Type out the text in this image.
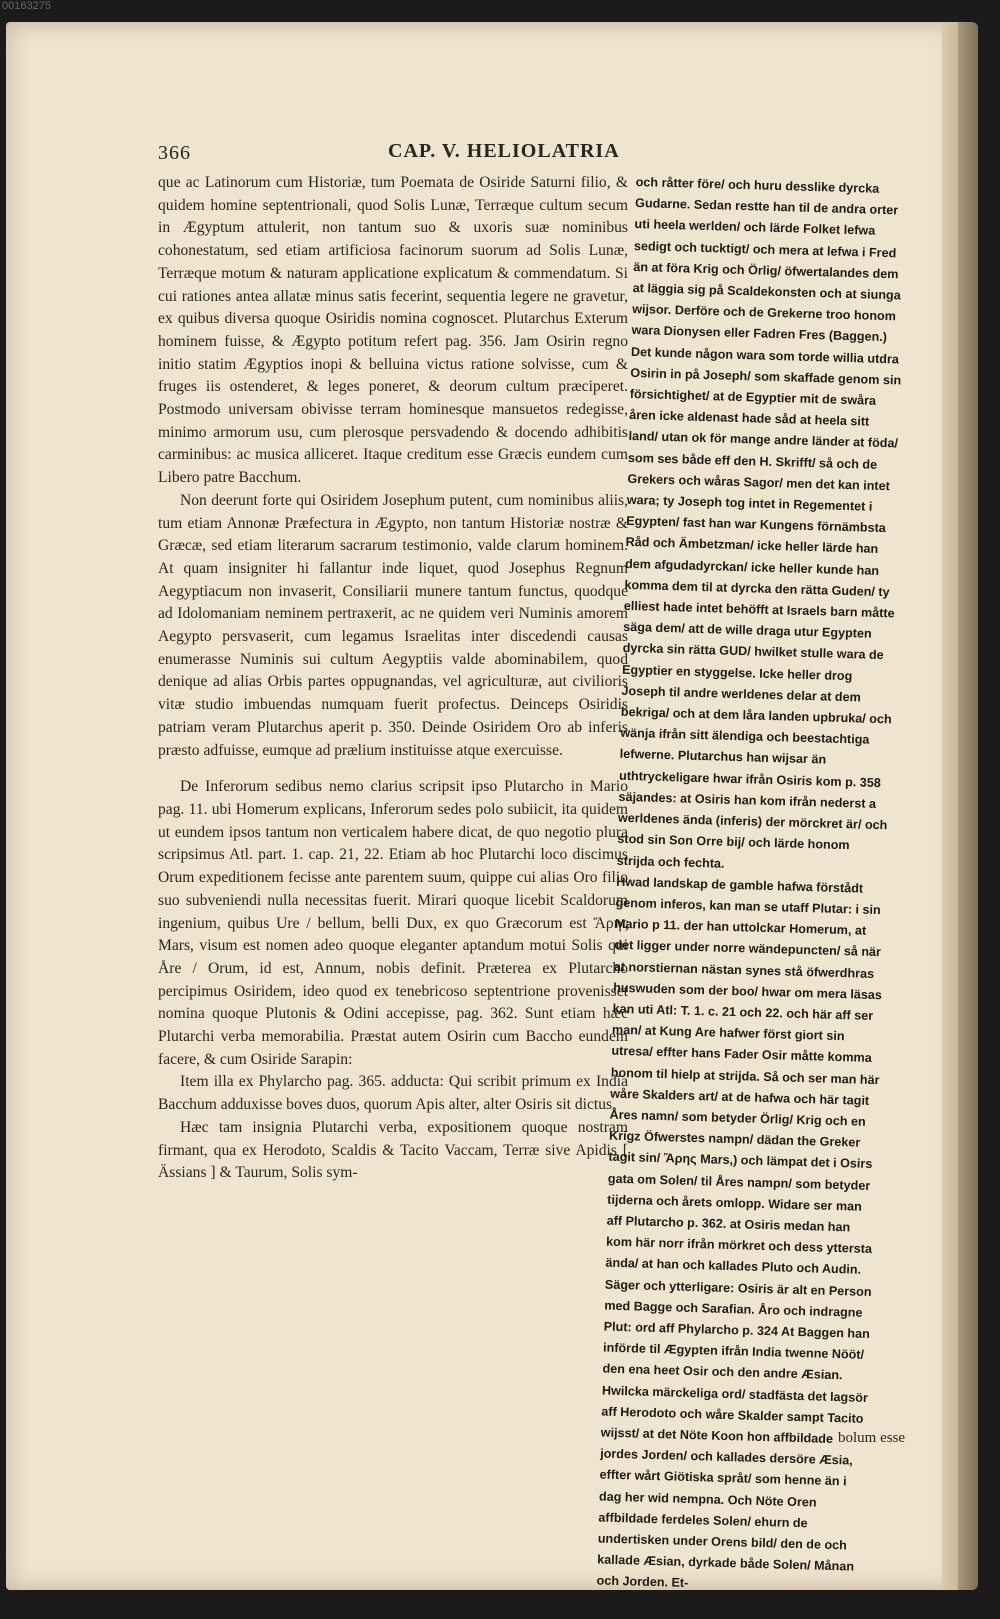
00163275
366	CAP. V. HELIOLATRIA

que ac Latinorum cum Historiæ, tum Poemata de Osiride Saturni filio, & quidem homine septentrionali, quod Solis Lunæ, Terræque cultum secum in Ægyptum attulerit, non tantum suo & uxoris suæ nominibus cohonestatum, sed etiam artificiosa facinorum suorum ad Solis Lunæ, Terræque motum & naturam applicatione explicatum & commendatum. Si cui rationes antea allatæ minus satis fecerint, sequentia legere ne gravetur, ex quibus diversa quoque Osiridis nomina cognoscet. Plutarchus Exterum hominem fuisse, & Ægypto potitum refert pag. 356. Jam Osirin regno initio statim Ægyptios inopi & belluina victus ratione solvisse, cum & fruges iis ostenderet, & leges poneret, & deorum cultum præciperet. Postmodo universam obivisse terram hominesque mansuetos redegisse, minimo armorum usu, cum plerosque persvadendo & docendo adhibitis carminibus: ac musica alliceret. Itaque creditum esse Græcis eundem cum Libero patre Bacchum.

Non deerunt forte qui Osiridem Josephum putent, cum nominibus aliis, tum etiam Annonæ Præfectura in Ægypto, non tantum Historiæ nostræ & Græcæ, sed etiam literarum sacrarum testimonio, valde clarum hominem. At quam insigniter hi fallantur inde liquet, quod Josephus Regnum Aegyptiacum non invaserit, Consiliarii munere tantum functus, quodque ad Idolomaniam neminem pertraxerit, ac ne quidem veri Numinis amorem Aegypto persvaserit, cum legamus Israelitas inter discedendi causas enumerasse Numinis sui cultum Aegyptiis valde abominabilem, quod denique ad alias Orbis partes oppugnandas, vel agriculturæ, aut civilioris vitæ studio imbuendas numquam fuerit profectus. Deinceps Osiridis patriam veram Plutarchus aperit p. 350. Deinde Osiridem Oro ab inferis præsto adfuisse, eumque ad prælium instituisse atque exercuisse.

De Inferorum sedibus nemo clarius scripsit ipso Plutarcho in Mario pag. 11. ubi Homerum explicans, Inferorum sedes polo subiicit, ita quidem ut eundem ipsos tantum non verticalem habere dicat, de quo negotio plura scripsimus Atl. part. 1. cap. 21, 22. Etiam ab hoc Plutarchi loco discimus Orum expeditionem fecisse ante parentem suum, quippe cui alias Oro filio suo subveniendi nulla necessitas fuerit. Mirari quoque licebit Scaldorum ingenium, quibus Ure / bellum, belli Dux, ex quo Græcorum est Ἄρης Mars, visum est nomen adeo quoque eleganter aptandum motui Solis qui Åre / Orum, id est, Annum, nobis definit. Præterea ex Plutarcho percipimus Osiridem, ideo quod ex tenebricoso septentrione provenisset nomina quoque Plutonis & Odini accepisse, pag. 362. Sunt etiam hæc Plutarchi verba memorabilia. Præstat autem Osirin cum Baccho eundem facere, & cum Osiride Sarapin:

Item illa ex Phylarcho pag. 365. adducta: Qui scribit primum ex India Bacchum adduxisse boves duos, quorum Apis alter, alter Osiris sit dictus.

Hæc tam insignia Plutarchi verba, expositionem quoque nostram firmant, qua ex Herodoto, Scaldis & Tacito Vaccam, Terræ sive Apidis [ Ässians ] & Taurum, Solis sym-

och råtter före/ och huru desslike dyrcka Gudarne. Sedan restte han til de andra orter uti heela werlden/ och lärde Folket lefwa sedigt och tucktigt/ och mera at lefwa i Fred än at föra Krig och Örlig/ öfwertalandes dem at läggia sig på Scaldekonsten och at siunga wijsor. Derföre och de Grekerne troo honom wara Dionysen eller Fadren Fres (Baggen.)

Det kunde någon wara som torde willia utdra Osirin in på Joseph/ som skaffade genom sin försichtighet/ at de Egyptier mit de swåra åren icke aldenast hade såd at heela sitt land/ utan ok för mange andre länder at föda/ som ses både eff den H. Skrifft/ så och de Grekers och wåras Sagor/ men det kan intet wara; ty Joseph tog intet in Regementet i Egypten/ fast han war Kungens förnämbsta Råd och Ämbetzman/ icke heller lärde han dem afgudadyrckan/ icke heller kunde han komma dem til at dyrcka den rätta Guden/ ty elliest hade intet behöfft at Israels barn måtte säga dem/ att de wille draga utur Egypten dyrcka sin rätta GUD/ hwilket stulle wara de Egyptier en styggelse. Icke heller drog Joseph til andre werldenes delar at dem bekriga/ och at dem låra landen upbruka/ och wänja ifrån sitt älendiga och beestachtiga lefwerne. Plutarchus han wijsar än uthtryckeligare hwar ifrån Osiris kom p. 358 säjandes: at Osiris han kom ifrån nederst a werldenes ända (inferis) der mörckret är/ och stod sin Son Orre bij/ och lärde honom strijda och fechta.

Hwad landskap de gamble hafwa förstådt genom inferos, kan man se utaff Plutar: i sin Mario p 11. der han uttolckar Homerum, at det ligger under norre wändepuncten/ så när at norstiernan nästan synes stå öfwerdhras huswuden som der boo/ hwar om mera läsas kan uti Atl: T. 1. c. 21 och 22. och här aff ser man/ at Kung Are hafwer först giort sin utresa/ effter hans Fader Osir måtte komma honom til hielp at strijda. Så och ser man här wåre Skalders art/ at de hafwa och här tagit Åres namn/ som betyder Örlig/ Krig och en Krigz Öfwerstes nampn/ dädan the Greker tagit sin/ Ἄρης Mars,) och lämpat det i Osirs gata om Solen/ til Åres nampn/ som betyder tijderna och årets omlopp. Widare ser man aff Plutarcho p. 362. at Osiris medan han kom här norr ifrån mörkret och dess yttersta ända/ at han och kallades Pluto och Audin. Säger och ytterligare: Osiris är alt en Person med Bagge och Sarafian. Åro och indragne Plut: ord aff Phylarcho p. 324 At Baggen han införde til Ægypten ifrån India twenne Nööt/ den ena heet Osir och den andre Æsian.

Hwilcka märckeliga ord/ stadfästa det lagsör aff Herodoto och wåre Skalder sampt Tacito wijsst/ at det Nöte Koon hon affbildade jordes Jorden/ och kallades dersöre Æsia, effter wårt Giötiska språt/ som henne än i dag her wid nempna. Och Nöte Oren affbildade ferdeles Solen/ ehurn de undertisken under Orens bild/ den de och kallade Æsian, dyrkade både Solen/ Månan och Jorden. Et-

bolum esse
